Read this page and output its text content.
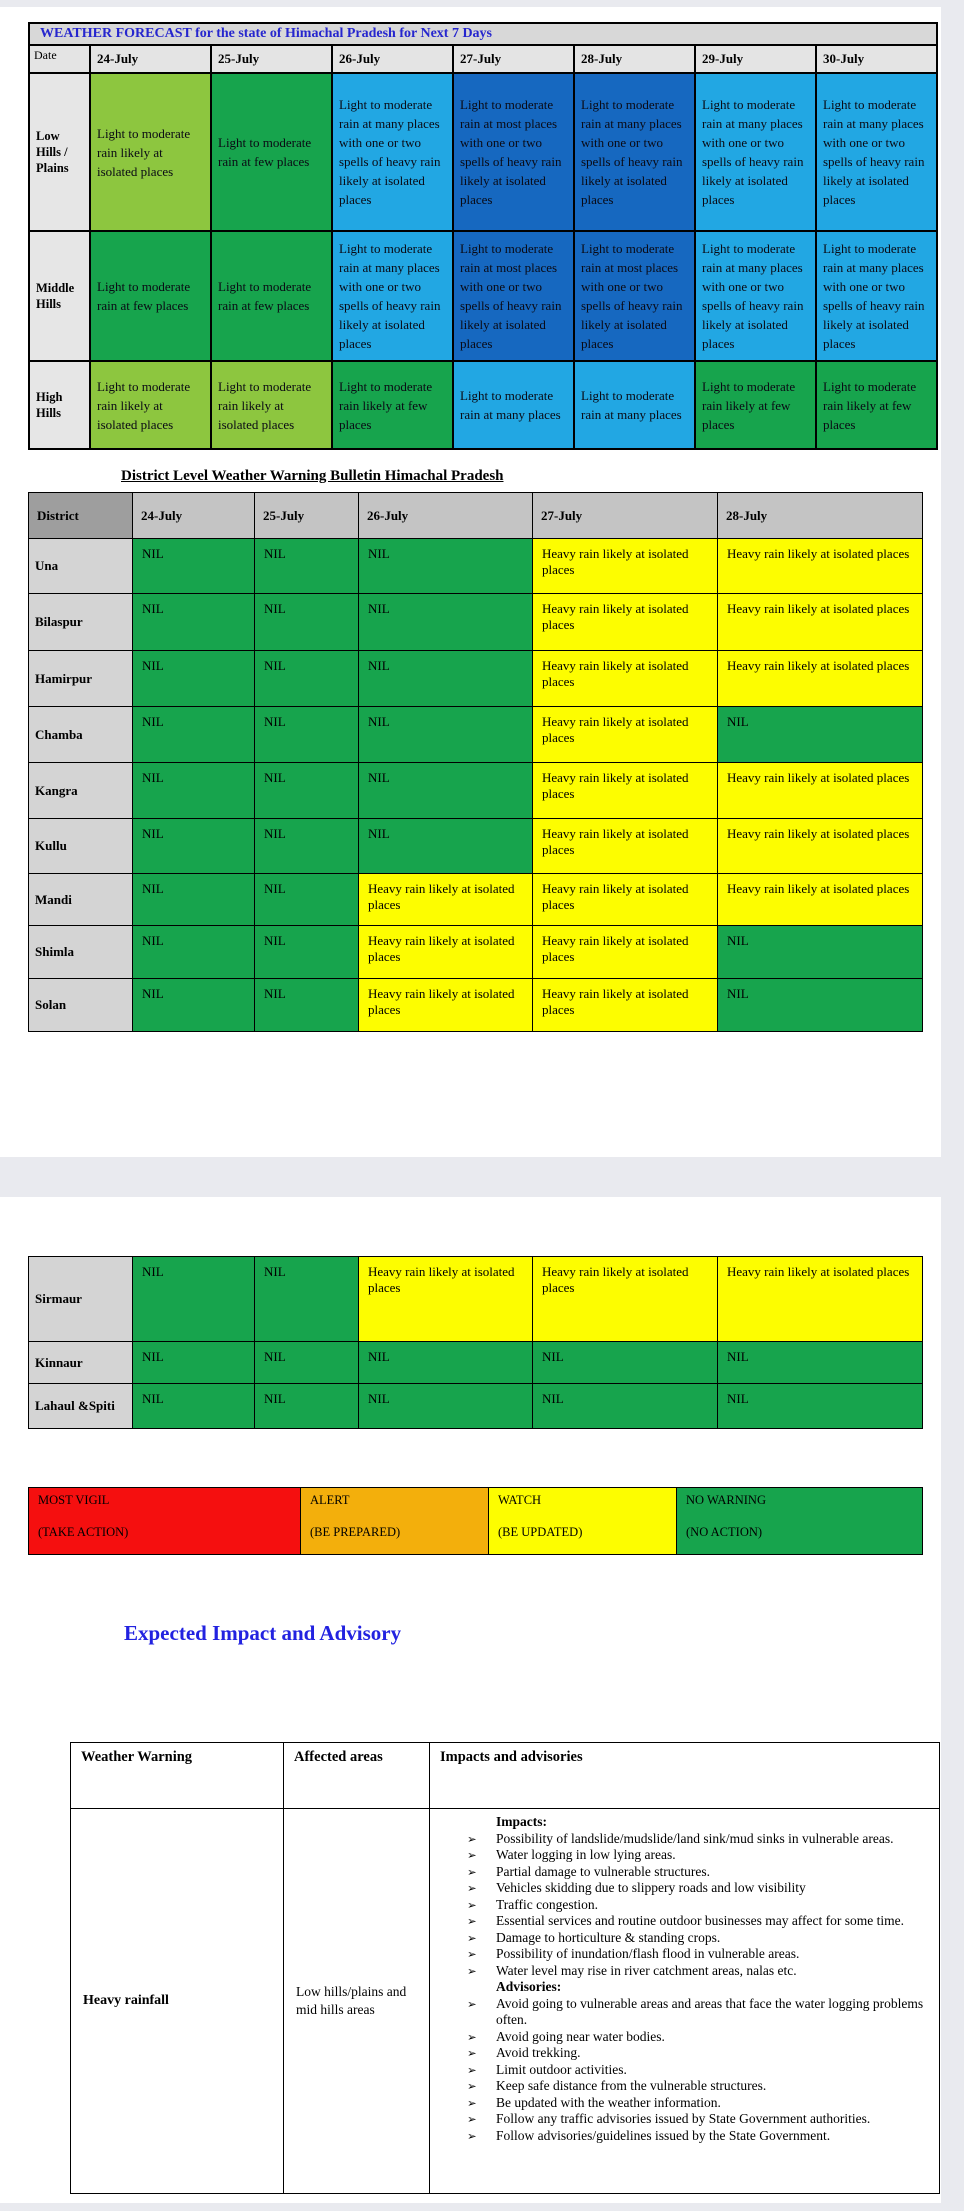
WEATHER FORECAST for the state of Himachal Pradesh for Next 7 Days							
Date	24-July	25-July	26-July	27-July	28-July	29-July	30-July
Low Hills / Plains	Light to moderate rain likely at isolated places	Light to moderate rain at few places	Light to moderate rain at many places with one or two spells of heavy rain likely at isolated places	Light to moderate rain at most places with one or two spells of heavy rain likely at isolated places	Light to moderate rain at many places with one or two spells of heavy rain likely at isolated places	Light to moderate rain at many places with one or two spells of heavy rain likely at isolated places	Light to moderate rain at many places with one or two spells of heavy rain likely at isolated places
Middle Hills	Light to moderate rain at few places	Light to moderate rain at few places	Light to moderate rain at many places with one or two spells of heavy rain likely at isolated places	Light to moderate rain at most places with one or two spells of heavy rain likely at isolated places	Light to moderate rain at most places with one or two spells of heavy rain likely at isolated places	Light to moderate rain at many places with one or two spells of heavy rain likely at isolated places	Light to moderate rain at many places with one or two spells of heavy rain likely at isolated places
High Hills	Light to moderate rain likely at isolated places	Light to moderate rain likely at isolated places	Light to moderate rain likely at few places	Light to moderate rain at many places	Light to moderate rain at many places	Light to moderate rain likely at few places	Light to moderate rain likely at few places
District Level Weather Warning Bulletin Himachal Pradesh
District	24-July	25-July	26-July	27-July	28-July
Una	NIL	NIL	NIL	Heavy rain likely at isolated places	Heavy rain likely at isolated places
Bilaspur	NIL	NIL	NIL	Heavy rain likely at isolated places	Heavy rain likely at isolated places
Hamirpur	NIL	NIL	NIL	Heavy rain likely at isolated places	Heavy rain likely at isolated places
Chamba	NIL	NIL	NIL	Heavy rain likely at isolated places	NIL
Kangra	NIL	NIL	NIL	Heavy rain likely at isolated places	Heavy rain likely at isolated places
Kullu	NIL	NIL	NIL	Heavy rain likely at isolated places	Heavy rain likely at isolated places
Mandi	NIL	NIL	Heavy rain likely at isolated places	Heavy rain likely at isolated places	Heavy rain likely at isolated places
Shimla	NIL	NIL	Heavy rain likely at isolated places	Heavy rain likely at isolated places	NIL
Solan	NIL	NIL	Heavy rain likely at isolated places	Heavy rain likely at isolated places	NIL
Sirmaur	NIL	NIL	Heavy rain likely at isolated places	Heavy rain likely at isolated places	Heavy rain likely at isolated places
Kinnaur	NIL	NIL	NIL	NIL	NIL
Lahaul &Spiti	NIL	NIL	NIL	NIL	NIL
MOST VIGIL
(TAKE ACTION)

ALERT
(BE PREPARED)

WATCH
(BE UPDATED)

NO WARNING
(NO ACTION)
Expected Impact and Advisory
Weather Warning	Affected areas	Impacts and advisories
Heavy rainfall	Low hills/plains and mid hills areas	
Impacts:
➢ Possibility of landslide/mudslide/land sink/mud sinks in vulnerable areas.
➢ Water logging in low lying areas.
➢ Partial damage to vulnerable structures.
➢ Vehicles skidding due to slippery roads and low visibility
➢ Traffic congestion.
➢ Essential services and routine outdoor businesses may affect for some time.
➢ Damage to horticulture & standing crops.
➢ Possibility of inundation/flash flood in vulnerable areas.
➢ Water level may rise in river catchment areas, nalas etc.
Advisories:
➢ Avoid going to vulnerable areas and areas that face the water logging problems often.
➢ Avoid going near water bodies.
➢ Avoid trekking.
➢ Limit outdoor activities.
➢ Keep safe distance from the vulnerable structures.
➢ Be updated with the weather information.
➢ Follow any traffic advisories issued by State Government authorities.
➢ Follow advisories/guidelines issued by the State Government.
